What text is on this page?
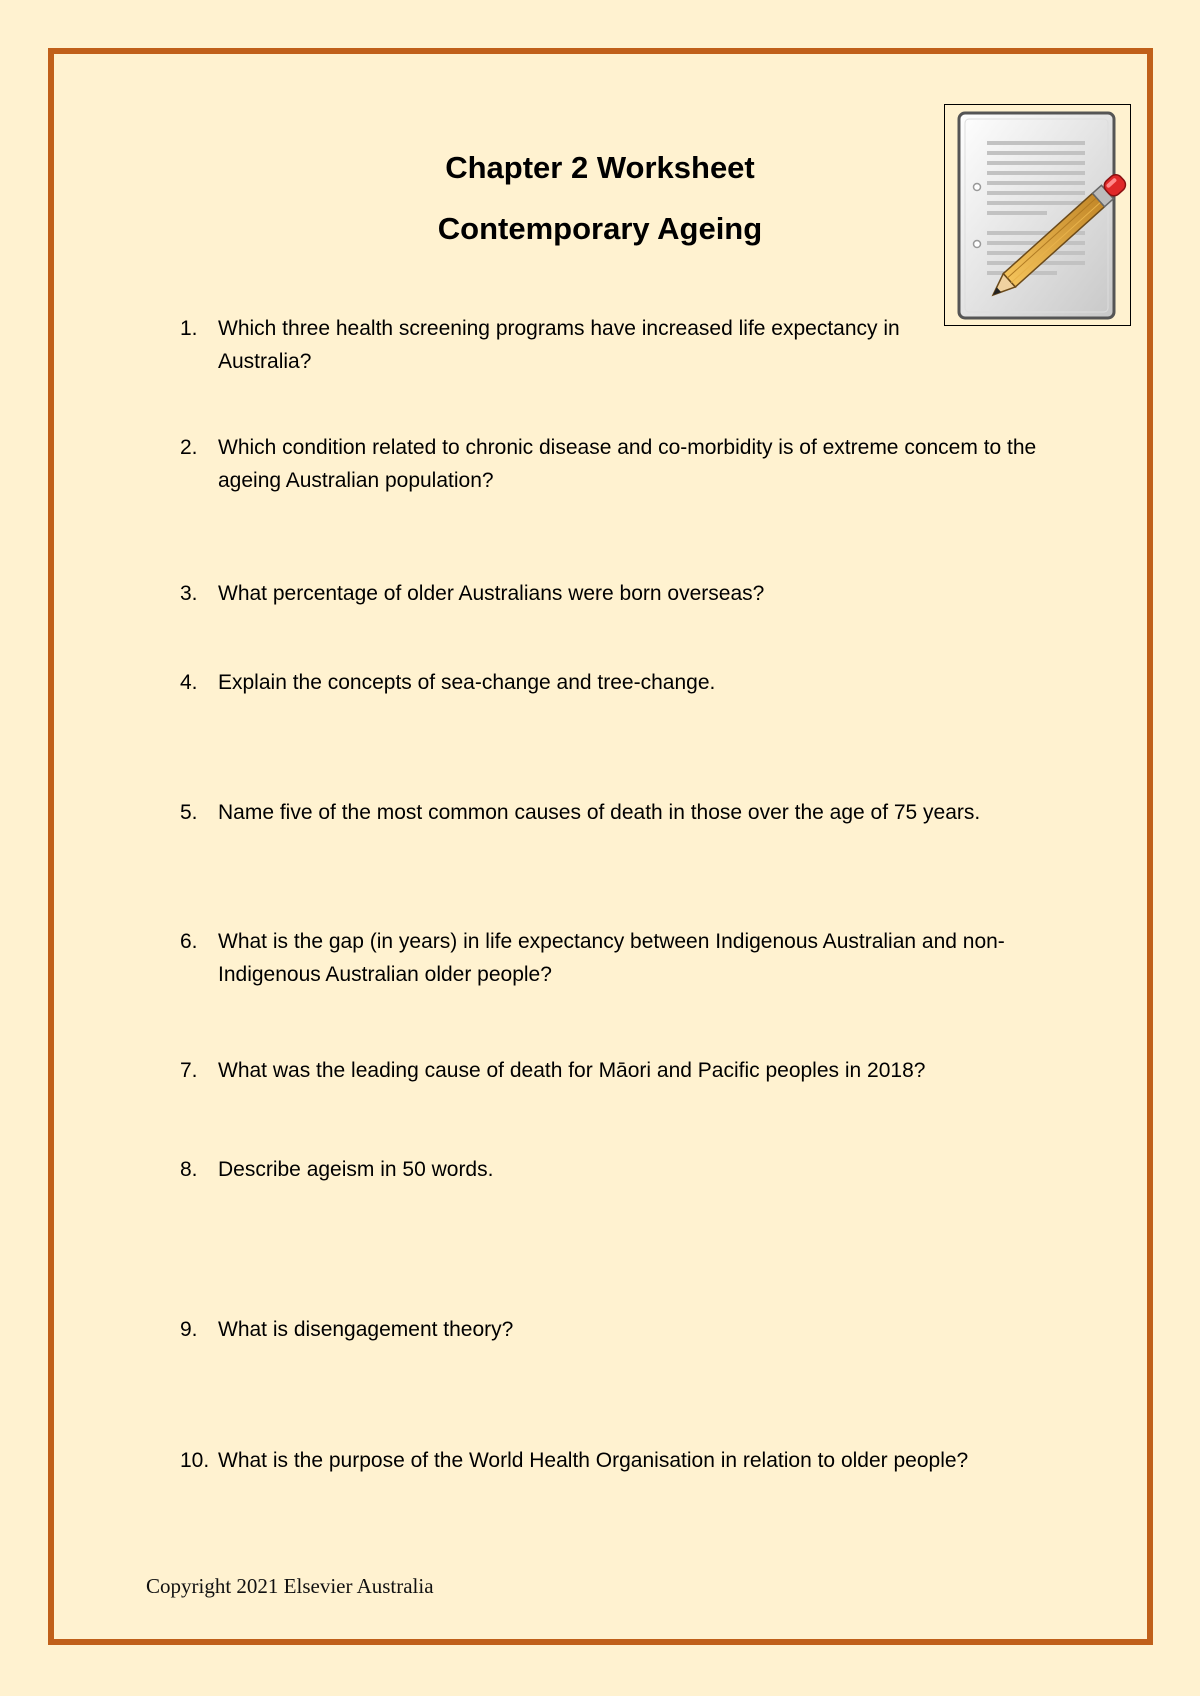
Chapter 2 Worksheet
Contemporary Ageing
1. Which three health screening programs have increased life expectancy in Australia?
2. Which condition related to chronic disease and co-morbidity is of extreme concem to the ageing Australian population?
3. What percentage of older Australians were born overseas?
4. Explain the concepts of sea-change and tree-change.
5. Name five of the most common causes of death in those over the age of 75 years.
6. What is the gap (in years) in life expectancy between Indigenous Australian and non-Indigenous Australian older people?
7. What was the leading cause of death for Māori and Pacific peoples in 2018?
8. Describe ageism in 50 words.
9. What is disengagement theory?
10. What is the purpose of the World Health Organisation in relation to older people?
Copyright 2021 Elsevier Australia
